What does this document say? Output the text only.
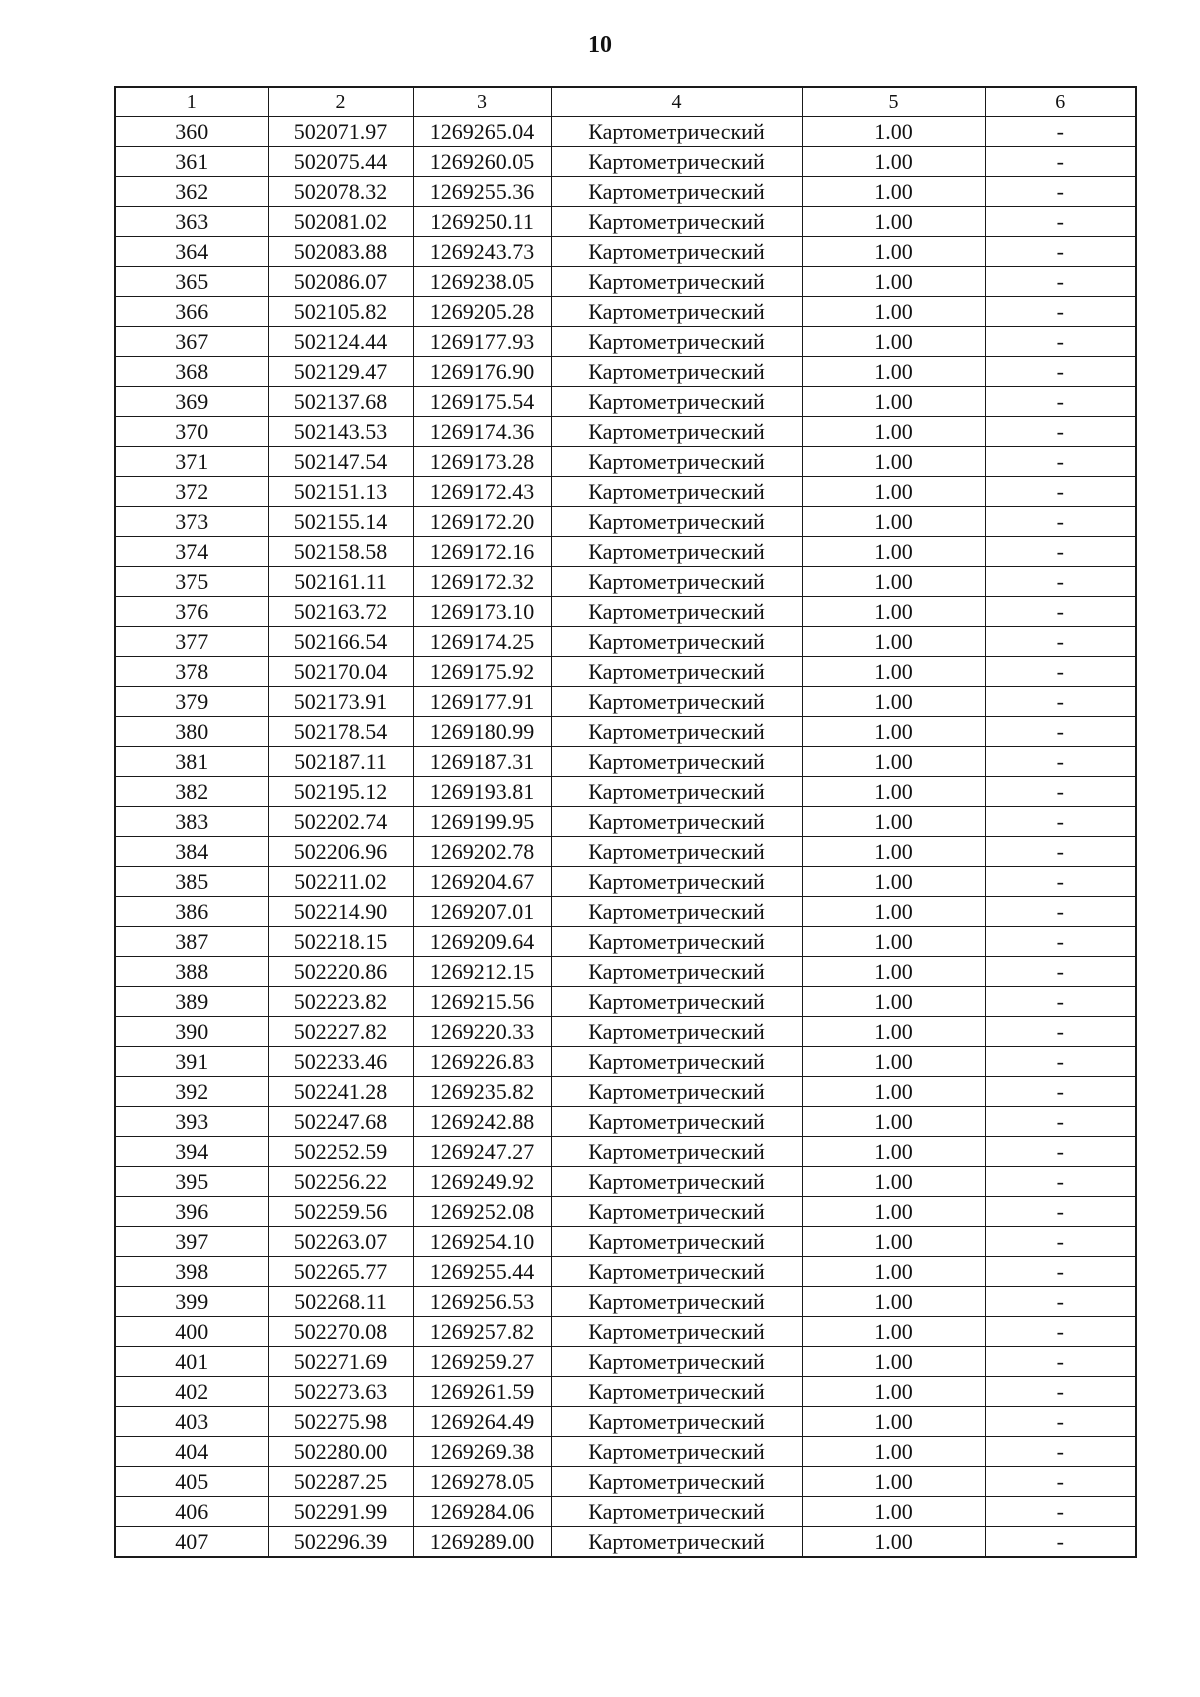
10
1	2	3	4	5	6
360	502071.97	1269265.04	Картометрический	1.00	-
361	502075.44	1269260.05	Картометрический	1.00	-
362	502078.32	1269255.36	Картометрический	1.00	-
363	502081.02	1269250.11	Картометрический	1.00	-
364	502083.88	1269243.73	Картометрический	1.00	-
365	502086.07	1269238.05	Картометрический	1.00	-
366	502105.82	1269205.28	Картометрический	1.00	-
367	502124.44	1269177.93	Картометрический	1.00	-
368	502129.47	1269176.90	Картометрический	1.00	-
369	502137.68	1269175.54	Картометрический	1.00	-
370	502143.53	1269174.36	Картометрический	1.00	-
371	502147.54	1269173.28	Картометрический	1.00	-
372	502151.13	1269172.43	Картометрический	1.00	-
373	502155.14	1269172.20	Картометрический	1.00	-
374	502158.58	1269172.16	Картометрический	1.00	-
375	502161.11	1269172.32	Картометрический	1.00	-
376	502163.72	1269173.10	Картометрический	1.00	-
377	502166.54	1269174.25	Картометрический	1.00	-
378	502170.04	1269175.92	Картометрический	1.00	-
379	502173.91	1269177.91	Картометрический	1.00	-
380	502178.54	1269180.99	Картометрический	1.00	-
381	502187.11	1269187.31	Картометрический	1.00	-
382	502195.12	1269193.81	Картометрический	1.00	-
383	502202.74	1269199.95	Картометрический	1.00	-
384	502206.96	1269202.78	Картометрический	1.00	-
385	502211.02	1269204.67	Картометрический	1.00	-
386	502214.90	1269207.01	Картометрический	1.00	-
387	502218.15	1269209.64	Картометрический	1.00	-
388	502220.86	1269212.15	Картометрический	1.00	-
389	502223.82	1269215.56	Картометрический	1.00	-
390	502227.82	1269220.33	Картометрический	1.00	-
391	502233.46	1269226.83	Картометрический	1.00	-
392	502241.28	1269235.82	Картометрический	1.00	-
393	502247.68	1269242.88	Картометрический	1.00	-
394	502252.59	1269247.27	Картометрический	1.00	-
395	502256.22	1269249.92	Картометрический	1.00	-
396	502259.56	1269252.08	Картометрический	1.00	-
397	502263.07	1269254.10	Картометрический	1.00	-
398	502265.77	1269255.44	Картометрический	1.00	-
399	502268.11	1269256.53	Картометрический	1.00	-
400	502270.08	1269257.82	Картометрический	1.00	-
401	502271.69	1269259.27	Картометрический	1.00	-
402	502273.63	1269261.59	Картометрический	1.00	-
403	502275.98	1269264.49	Картометрический	1.00	-
404	502280.00	1269269.38	Картометрический	1.00	-
405	502287.25	1269278.05	Картометрический	1.00	-
406	502291.99	1269284.06	Картометрический	1.00	-
407	502296.39	1269289.00	Картометрический	1.00	-
